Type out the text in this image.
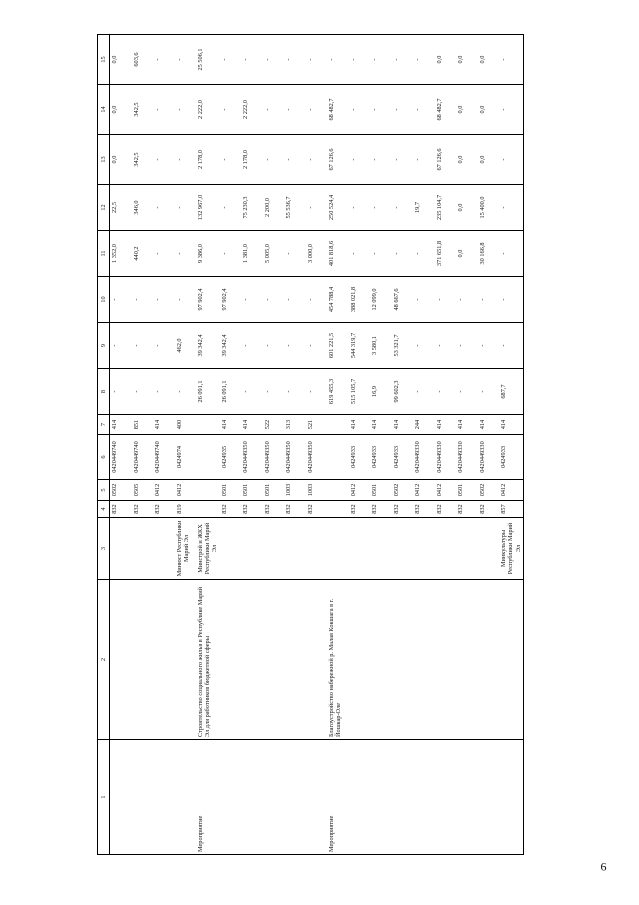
6
1	2	3	4	5	6	7	8	9	10	11	12	13	14	15
			832	0502	0420449740	414	-	-	-	1 352,0	22,5	0,0	0,0	0,0
			832	0505	0420449740	851	-	-	-	440,2	346,0	342,5	342,5	603,6
			832	0412	0420449740	414	-	-	-	-	-	-	-	-
		Минюст Республики Марий Эл	819	0412	0424974	400	-	462,0	-	-	-	-	-	-
Мероприятие	Строительство социального жилья в Республике Марий Эл для работников бюджетной сферы	Минстрой и ЖКХ Республики Марий Эл					26 091,1	39 342,4	97 902,4	9 386,0	132 967,0	2 178,0	2 222,0	25 506,1
			832	0501	0424935	414	26 091,1	39 342,4	97 902,4	-	-	-	-	-
			832	0501	0420449350	414	-	-	-	1 381,0	75 230,3	2 178,0	2 222,0	-
			832	0501	0420449350	522	-	-	-	5 005,0	2 200,0	-	-	-
			832	1003	0420449350	313	-	-	-	-	55 536,7	-	-	-
			832	1003	0420449350	521	-	-	-	3 000,0	-	-	-	-
Мероприятие	Благоустройство набережной р. Малая Кокшага в г. Йошкар-Оле						619 455,3	601 221,5	454 788,4	401 818,6	250 524,4	67 126,6	68 482,7	-
			832	0412	0424933	414	515 105,7	544 319,7	388 021,8	-	-	-	-	-
			832	0501	0424933	414	16,9	3 580,1	12 099,0	-	-	-	-	-
			832	0502	0424933	414	99 602,3	53 321,7	48 667,6	-	-	-	-	-
			832	0412	0420449330	244	-	-	-	-	19,7	-	-	-
			832	0412	0420449330	414	-	-	-	371 651,8	235 104,7	67 126,6	68 482,7	0,0
			832	0501	0420449330	414	-	-	-	0,0	0,0	0,0	0,0	0,0
			832	0502	0420449330	414	-	-	-	30 166,8	15 400,0	0,0	0,0	0,0
		Минкультуры Республики Марий Эл	857	0412	0424933	414	687,7	-	-	-	-	-	-	-
